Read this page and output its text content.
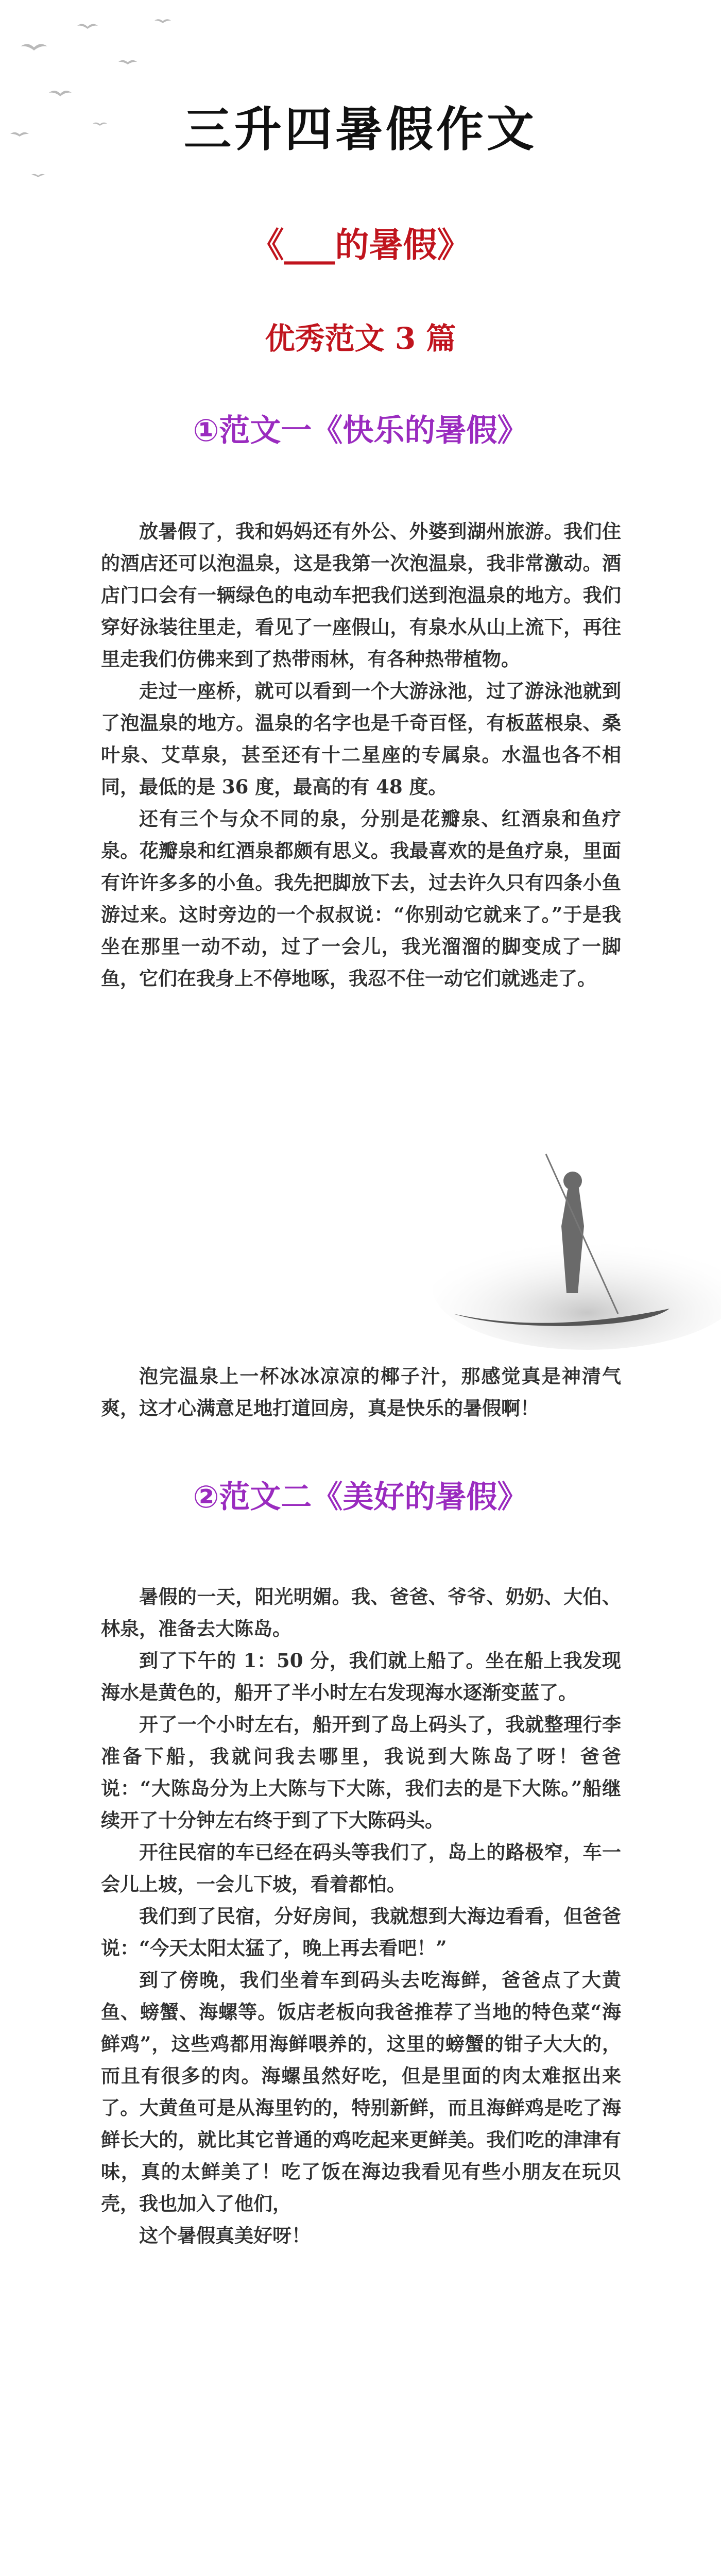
三升四暑假作文
《___的暑假》
优秀范文 3 篇
①范文一《快乐的暑假》

放暑假了，我和妈妈还有外公、外婆到湖州旅游。我们住的酒店还可以泡温泉，这是我第一次泡温泉，我非常激动。酒店门口会有一辆绿色的电动车把我们送到泡温泉的地方。我们穿好泳装往里走，看见了一座假山，有泉水从山上流下，再往里走我们仿佛来到了热带雨林，有各种热带植物。

走过一座桥，就可以看到一个大游泳池，过了游泳池就到了泡温泉的地方。温泉的名字也是千奇百怪，有板蓝根泉、桑叶泉、艾草泉，甚至还有十二星座的专属泉。水温也各不相同，最低的是 36 度，最高的有 48 度。

还有三个与众不同的泉，分别是花瓣泉、红酒泉和鱼疗泉。花瓣泉和红酒泉都颇有思义。我最喜欢的是鱼疗泉，里面有许许多多的小鱼。我先把脚放下去，过去许久只有四条小鱼游过来。这时旁边的一个叔叔说：“你别动它就来了。”于是我坐在那里一动不动，过了一会儿，我光溜溜的脚变成了一脚鱼，它们在我身上不停地啄，我忍不住一动它们就逃走了。

泡完温泉上一杯冰冰凉凉的椰子汁，那感觉真是神清气爽，这才心满意足地打道回房，真是快乐的暑假啊！

②范文二《美好的暑假》

暑假的一天，阳光明媚。我、爸爸、爷爷、奶奶、大伯、林泉，准备去大陈岛。

到了下午的 1：50 分，我们就上船了。坐在船上我发现海水是黄色的，船开了半小时左右发现海水逐渐变蓝了。

开了一个小时左右，船开到了岛上码头了，我就整理行李准备下船，我就问我去哪里，我说到大陈岛了呀！爸爸说：“大陈岛分为上大陈与下大陈，我们去的是下大陈。”船继续开了十分钟左右终于到了下大陈码头。

开往民宿的车已经在码头等我们了，岛上的路极窄，车一会儿上坡，一会儿下坡，看着都怕。

我们到了民宿，分好房间，我就想到大海边看看，但爸爸说：“今天太阳太猛了，晚上再去看吧！”

到了傍晚，我们坐着车到码头去吃海鲜，爸爸点了大黄鱼、螃蟹、海螺等。饭店老板向我爸推荐了当地的特色菜“海鲜鸡”，这些鸡都用海鲜喂养的，这里的螃蟹的钳子大大的，而且有很多的肉。海螺虽然好吃，但是里面的肉太难抠出来了。大黄鱼可是从海里钓的，特别新鲜，而且海鲜鸡是吃了海鲜长大的，就比其它普通的鸡吃起来更鲜美。我们吃的津津有味，真的太鲜美了！吃了饭在海边我看见有些小朋友在玩贝壳，我也加入了他们，

这个暑假真美好呀！
